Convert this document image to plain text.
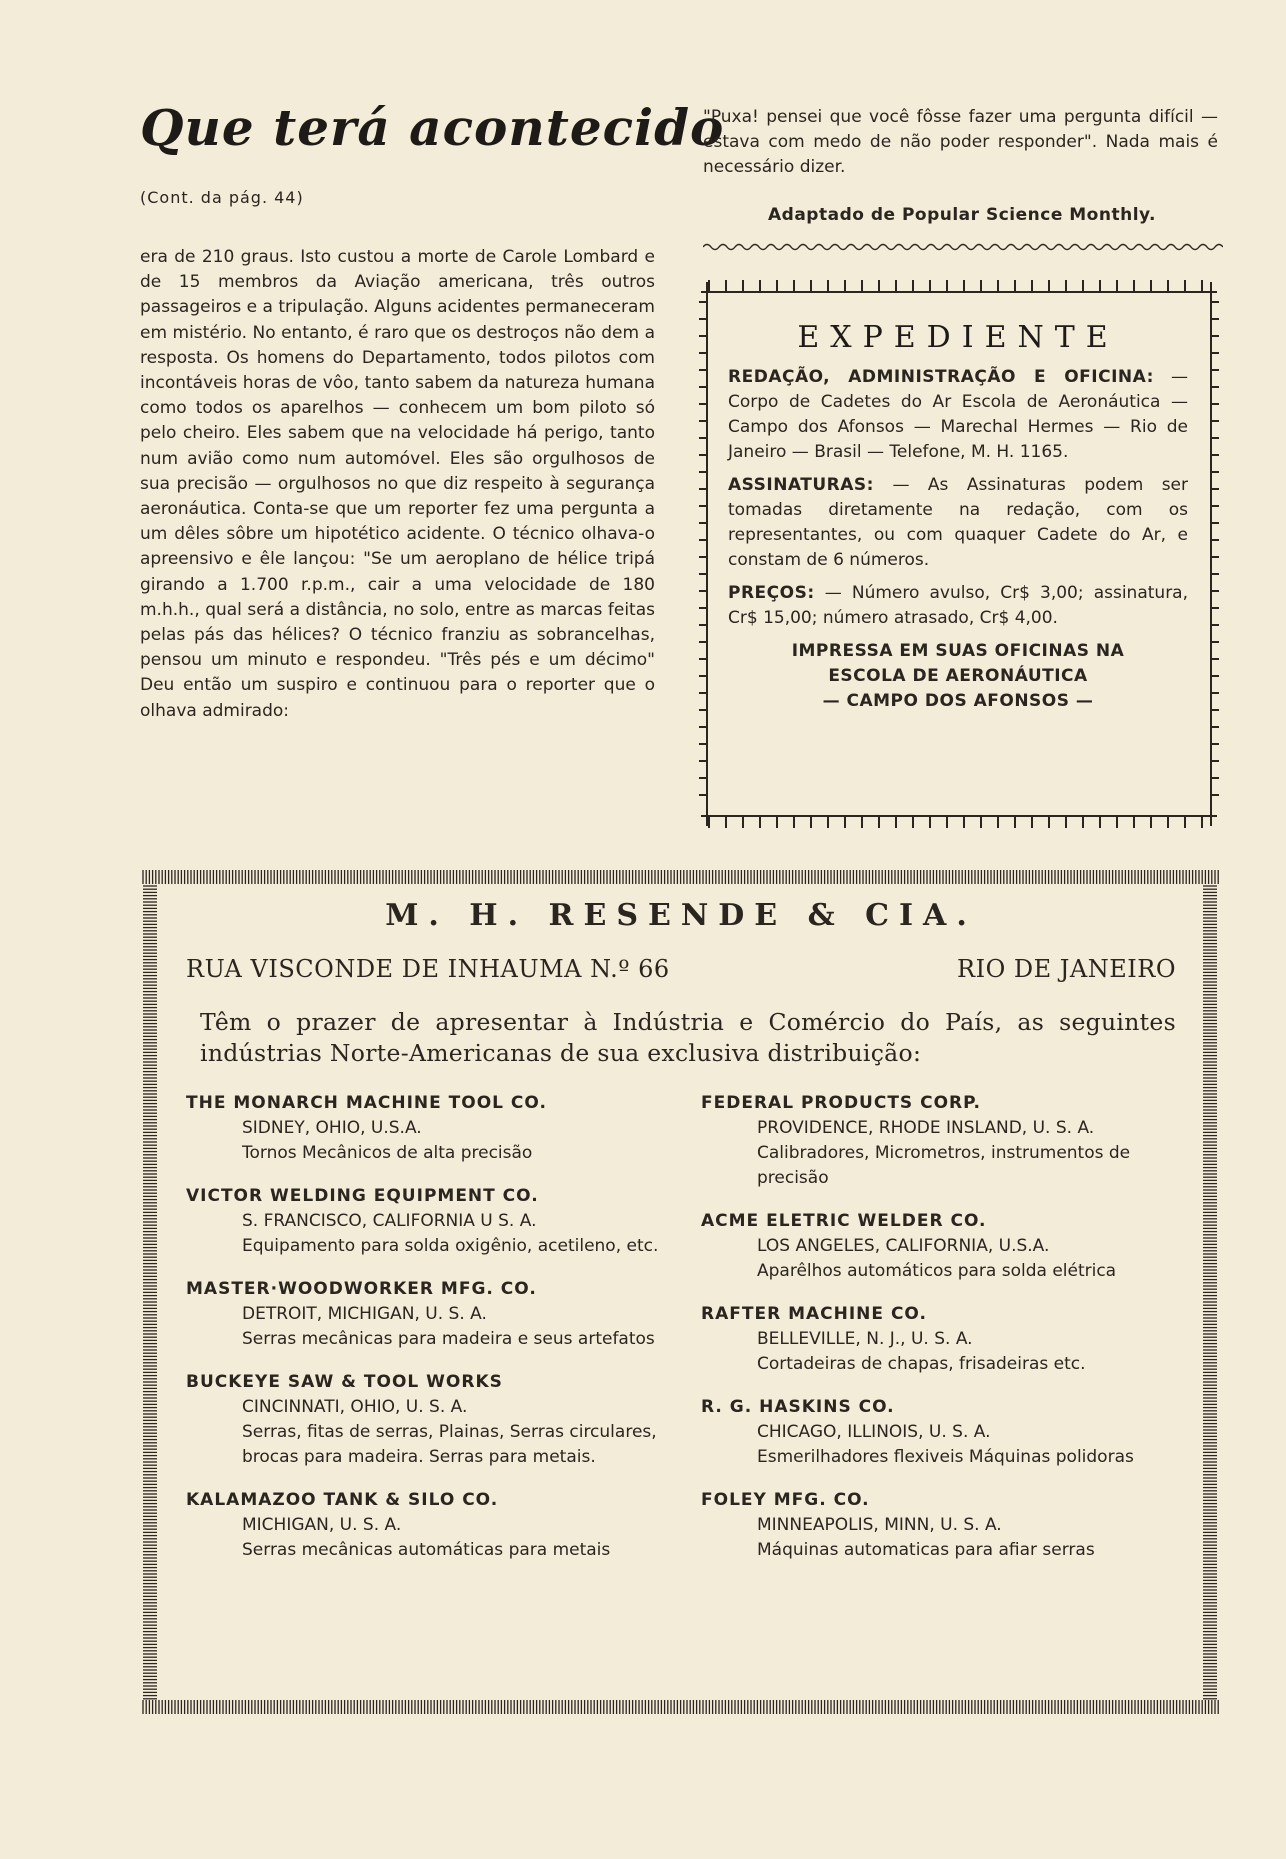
Que terá acontecido
(Cont. da pág. 44)
era de 210 graus. Isto custou a morte de Carole Lombard e de 15 membros da Aviação americana, três outros passageiros e a tripulação. Alguns acidentes permaneceram em mistério. No entanto, é raro que os destroços não dem a resposta. Os homens do Departamento, todos pilotos com incontáveis horas de vôo, tanto sabem da natureza humana como todos os aparelhos — conhecem um bom piloto só pelo cheiro. Eles sabem que na velocidade há perigo, tanto num avião como num automóvel. Eles são orgulhosos de sua precisão — orgulhosos no que diz respeito à segurança aeronáutica. Conta-se que um reporter fez uma pergunta a um dêles sôbre um hipotético acidente. O técnico olhava-o apreensivo e êle lançou: "Se um aeroplano de hélice tripá girando a 1.700 r.p.m., cair a uma velocidade de 180 m.h.h., qual será a distância, no solo, entre as marcas feitas pelas pás das hélices? O técnico franziu as sobrancelhas, pensou um minuto e respondeu. "Três pés e um décimo" Deu então um suspiro e continuou para o reporter que o olhava admirado:
"Puxa! pensei que você fôsse fazer uma pergunta difícil — estava com medo de não poder responder". Nada mais é necessário dizer.
Adaptado de Popular Science Monthly.
EXPEDIENTE
REDAÇÃO, ADMINISTRAÇÃO E OFICINA: — Corpo de Cadetes do Ar Escola de Aeronáutica — Campo dos Afonsos — Marechal Hermes — Rio de Janeiro — Brasil — Telefone, M. H. 1165.
ASSINATURAS: — As Assinaturas podem ser tomadas diretamente na redação, com os representantes, ou com quaquer Cadete do Ar, e constam de 6 números.
PREÇOS: — Número avulso, Cr$ 3,00; assinatura, Cr$ 15,00; número atrasado, Cr$ 4,00.
IMPRESSA EM SUAS OFICINAS NA
ESCOLA DE AERONÁUTICA
— CAMPO DOS AFONSOS —
M. H. RESENDE & CIA.
RUA VISCONDE DE INHAUMA N.º 66	RIO DE JANEIRO
Têm o prazer de apresentar à Indústria e Comércio do País, as seguintes indústrias Norte-Americanas de sua exclusiva distribuição:
THE MONARCH MACHINE TOOL CO.
SIDNEY, OHIO, U.S.A.
Tornos Mecânicos de alta precisão
VICTOR WELDING EQUIPMENT CO.
S. FRANCISCO, CALIFORNIA U S. A.
Equipamento para solda oxigênio, acetileno, etc.
MASTER·WOODWORKER MFG. CO.
DETROIT, MICHIGAN, U. S. A.
Serras mecânicas para madeira e seus artefatos
BUCKEYE SAW & TOOL WORKS
CINCINNATI, OHIO, U. S. A.
Serras, fitas de serras, Plainas, Serras circulares, brocas para madeira. Serras para metais.
KALAMAZOO TANK & SILO CO.
MICHIGAN, U. S. A.
Serras mecânicas automáticas para metais
FEDERAL PRODUCTS CORP.
PROVIDENCE, RHODE INSLAND, U. S. A.
Calibradores, Micrometros, instrumentos de precisão
ACME ELETRIC WELDER CO.
LOS ANGELES, CALIFORNIA, U.S.A.
Aparêlhos automáticos para solda elétrica
RAFTER MACHINE CO.
BELLEVILLE, N. J., U. S. A.
Cortadeiras de chapas, frisadeiras etc.
R. G. HASKINS CO.
CHICAGO, ILLINOIS, U. S. A.
Esmerilhadores flexiveis Máquinas polidoras
FOLEY MFG. CO.
MINNEAPOLIS, MINN, U. S. A.
Máquinas automaticas para afiar serras
